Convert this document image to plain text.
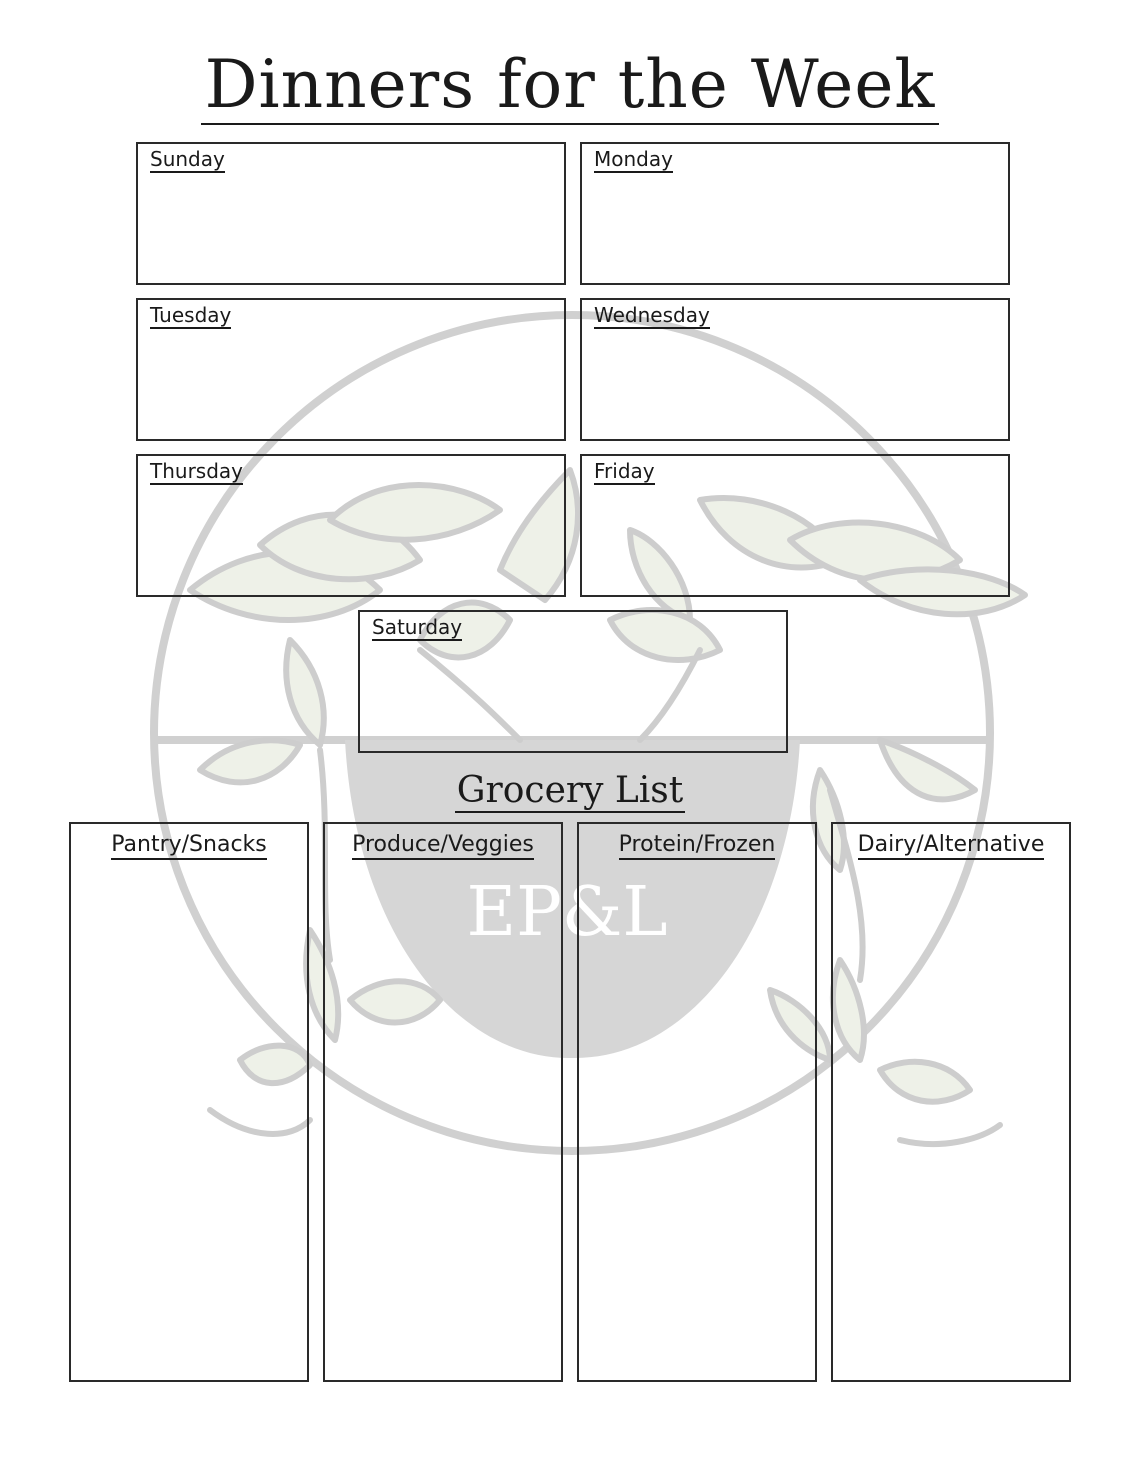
EP&L
Dinners for the Week
Sunday	Monday
Tuesday	Wednesday
Thursday	Friday
Saturday
Grocery List
Pantry/Snacks	Produce/Veggies	Protein/Frozen	Dairy/Alternative
